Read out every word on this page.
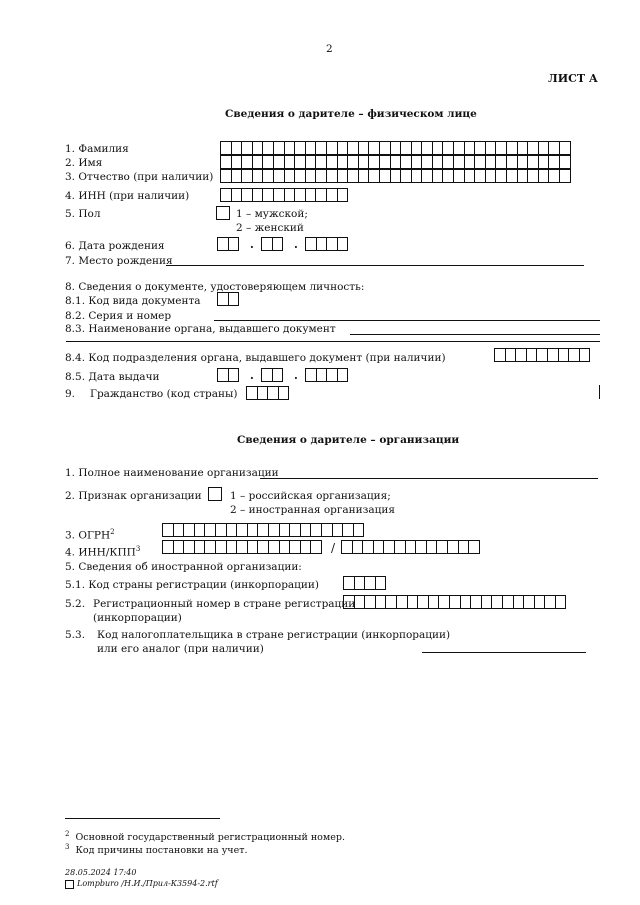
2
ЛИСТ А
Сведения о дарителе – физическом лице
1. Фамилия
2. Имя
3. Отчество (при наличии)
4. ИНН (при наличии)
5. Пол	1 – мужской;
2 – женский
6. Дата рождения	.	.
7. Место рождения
8. Сведения о документе, удостоверяющем личность:
8.1. Код вида документа
8.2. Серия и номер
8.3. Наименование органа, выдавшего документ
8.4. Код подразделения органа, выдавшего документ (при наличии)
8.5. Дата выдачи	.	.
9. Гражданство (код страны)
Сведения о дарителе – организации
1. Полное наименование организации
2. Признак организации	1 – российская организация;
2 – иностранная организация
3. ОГРН$^2$
4. ИНН/КПП$^3$	/
5. Сведения об иностранной организации:
5.1. Код страны регистрации (инкорпорации)
5.2. Регистрационный номер в стране регистрации
(инкорпорации)
5.3. Код налогоплательщика в стране регистрации (инкорпорации)
или его аналог (при наличии)
$^2$ Основной государственный регистрационный номер.
$^3$ Код причины постановки на учет.
28.05.2024 17:40
Lompburo /Н.И./Прил-К3594-2.rtf
